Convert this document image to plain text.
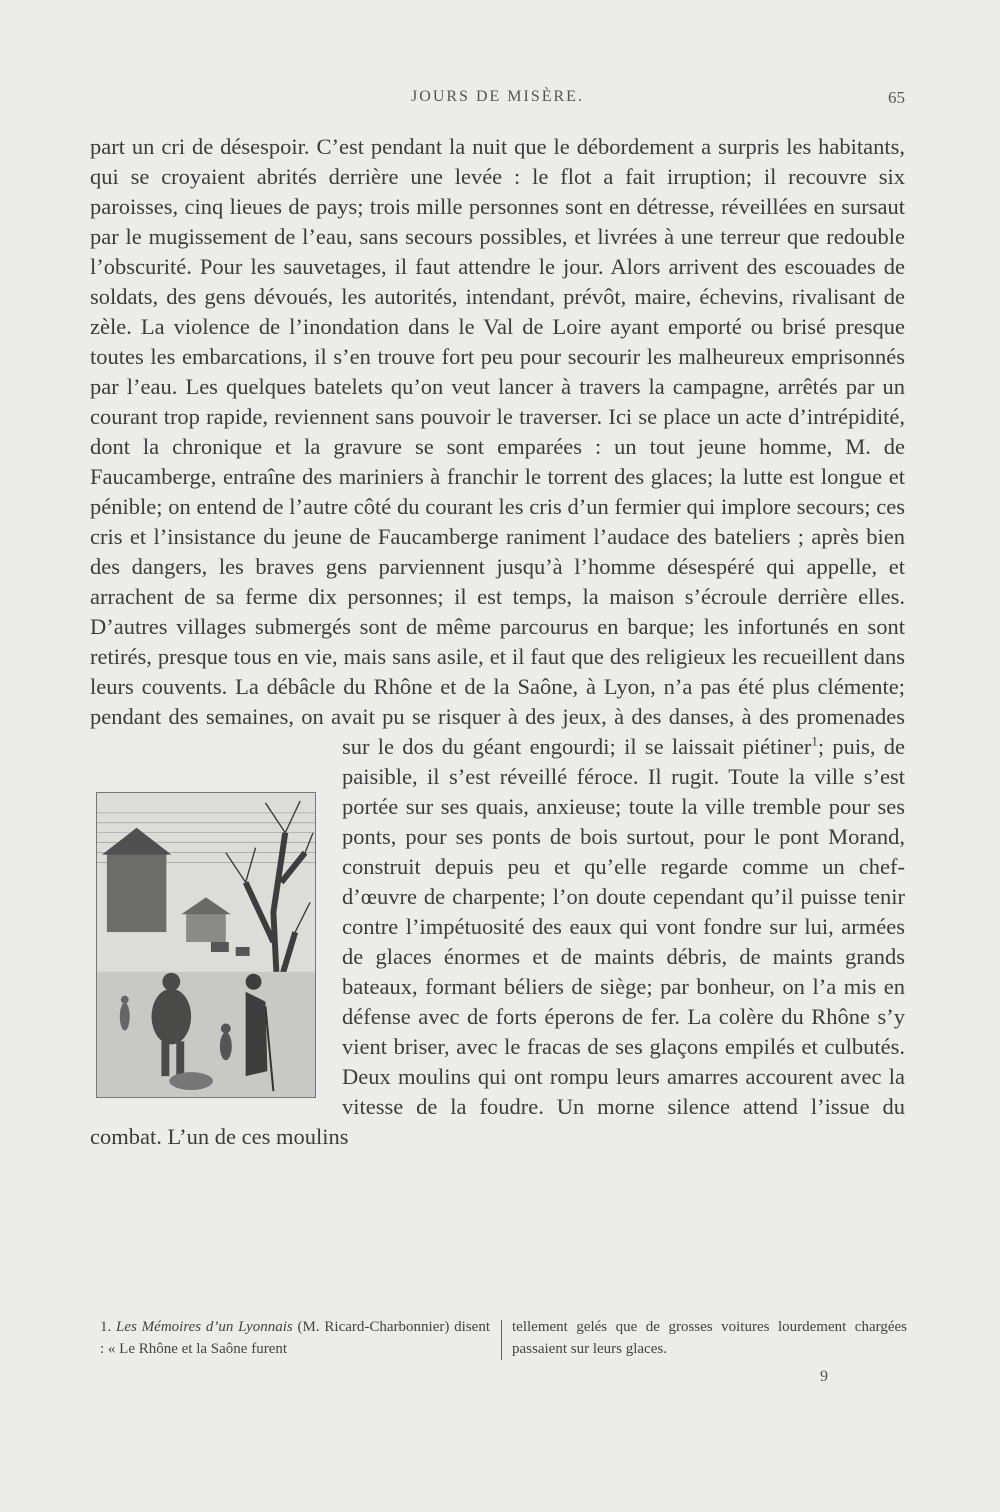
JOURS DE MISÈRE.	65

part un cri de désespoir. C’est pendant la nuit que le débordement a surpris les habitants, qui se croyaient abrités derrière une levée : le flot a fait irruption; il recouvre six paroisses, cinq lieues de pays; trois mille personnes sont en détresse, réveillées en sursaut par le mugissement de l’eau, sans secours possibles, et livrées à une terreur que redouble l’obscurité. Pour les sauvetages, il faut attendre le jour. Alors arrivent des escouades de soldats, des gens dévoués, les autorités, intendant, prévôt, maire, échevins, rivalisant de zèle. La violence de l’inondation dans le Val de Loire ayant emporté ou brisé presque toutes les embarcations, il s’en trouve fort peu pour secourir les malheureux emprisonnés par l’eau. Les quelques batelets qu’on veut lancer à travers la campagne, arrêtés par un courant trop rapide, reviennent sans pouvoir le traverser. Ici se place un acte d’intrépidité, dont la chronique et la gravure se sont emparées : un tout jeune homme, M. de Faucamberge, entraîne des mariniers à franchir le torrent des glaces; la lutte est longue et pénible; on entend de l’autre côté du courant les cris d’un fermier qui implore secours; ces cris et l’insistance du jeune de Faucamberge raniment l’audace des bateliers ; après bien des dangers, les braves gens parviennent jusqu’à l’homme désespéré qui appelle, et arrachent de sa ferme dix personnes; il est temps, la maison s’écroule derrière elles. D’autres villages submergés sont de même parcourus en barque; les infortunés en sont retirés, presque tous en vie, mais sans asile, et il faut que des religieux les recueillent dans leurs couvents. La débâcle du Rhône et de la Saône, à Lyon, n’a pas été plus clémente; pendant des semaines, on avait pu se risquer à des jeux, à des danses, à des promenades sur le dos du géant engourdi; il se laissait piétiner
$^1$; puis, de paisible, il s’est réveillé féroce. Il rugit. Toute la ville s’est portée sur ses quais, anxieuse; toute la ville tremble pour ses ponts, pour ses ponts de bois surtout, pour le pont Morand, construit depuis peu et qu’elle regarde comme un chef-d’œuvre de charpente; l’on doute cependant qu’il puisse tenir contre l’impétuosité des eaux qui vont fondre sur lui, armées de glaces énormes et de maints débris, de maints grands bateaux, formant béliers de siège; par bonheur, on l’a mis en défense avec de forts éperons de fer. La colère du Rhône s’y vient briser, avec le fracas de ses glaçons empilés et culbutés. Deux moulins qui ont rompu leurs amarres accourent avec la vitesse de la foudre. Un morne silence attend l’issue du combat. L’un de ces moulins

1. Les Mémoires d’un Lyonnais (M. Ricard-Charbonnier) disent : « Le Rhône et la Saône furent
tellement gelés que de grosses voitures lourdement chargées passaient sur leurs glaces.
9
